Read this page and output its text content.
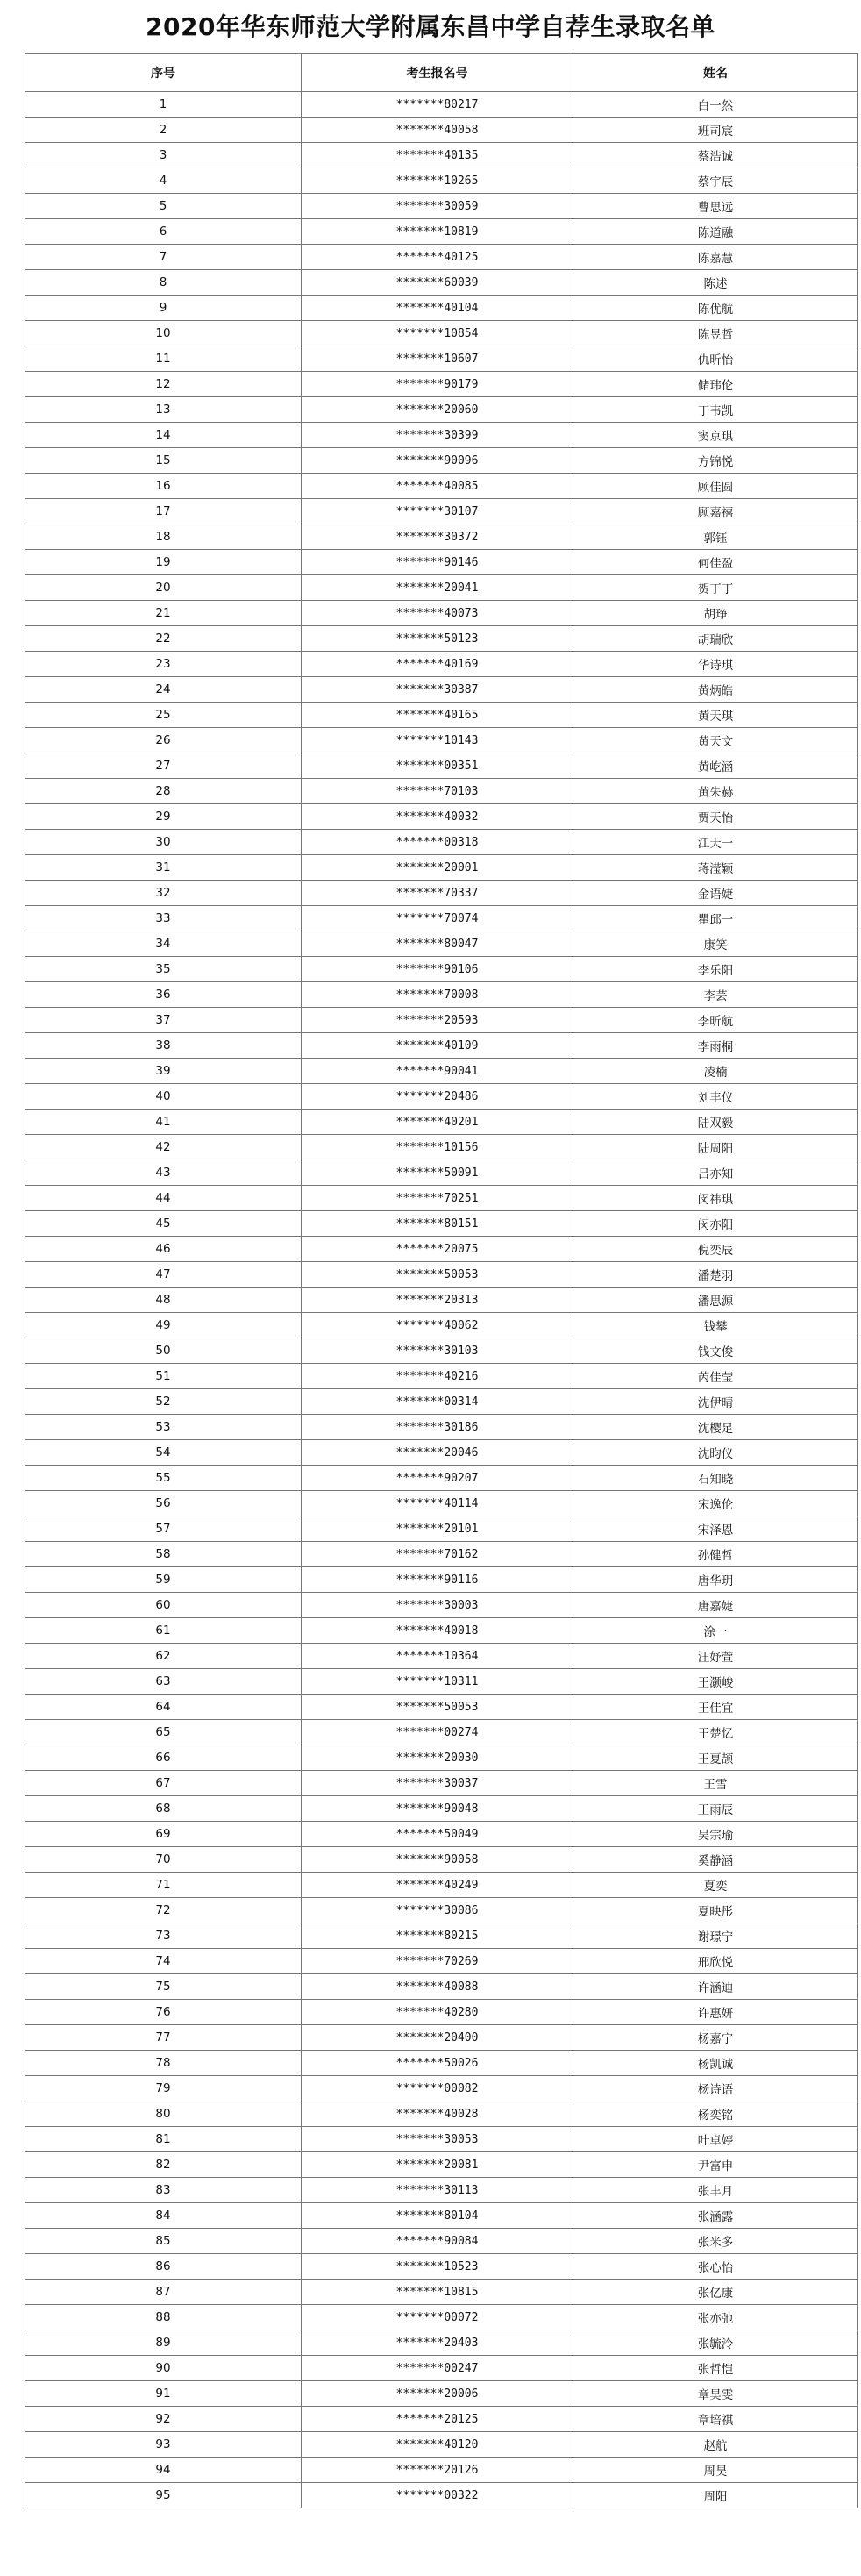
2020年华东师范大学附属东昌中学自荐生录取名单
序号	考生报名号	姓名
1	*******80217	白一然
2	*******40058	班司宸
3	*******40135	蔡浩诚
4	*******10265	蔡宇辰
5	*******30059	曹思远
6	*******10819	陈道融
7	*******40125	陈嘉慧
8	*******60039	陈述
9	*******40104	陈优航
10	*******10854	陈昱哲
11	*******10607	仇昕怡
12	*******90179	储玮伦
13	*******20060	丁韦凯
14	*******30399	窦京琪
15	*******90096	方锦悦
16	*******40085	顾佳圆
17	*******30107	顾嘉禧
18	*******30372	郭钰
19	*******90146	何佳盈
20	*******20041	贺丁丁
21	*******40073	胡琤
22	*******50123	胡瑞欣
23	*******40169	华诗琪
24	*******30387	黄炳皓
25	*******40165	黄天琪
26	*******10143	黄天文
27	*******00351	黄屹涵
28	*******70103	黄朱赫
29	*******40032	贾天怡
30	*******00318	江天一
31	*******20001	蒋滢颖
32	*******70337	金语婕
33	*******70074	瞿邱一
34	*******80047	康笑
35	*******90106	李乐阳
36	*******70008	李芸
37	*******20593	李昕航
38	*******40109	李雨桐
39	*******90041	凌楠
40	*******20486	刘丰仪
41	*******40201	陆双毅
42	*******10156	陆周阳
43	*******50091	吕亦知
44	*******70251	闵祎琪
45	*******80151	闵亦阳
46	*******20075	倪奕辰
47	*******50053	潘楚羽
48	*******20313	潘思源
49	*******40062	钱攀
50	*******30103	钱文俊
51	*******40216	芮佳莹
52	*******00314	沈伊晴
53	*******30186	沈樱足
54	*******20046	沈昀仪
55	*******90207	石知晓
56	*******40114	宋逸伦
57	*******20101	宋泽恩
58	*******70162	孙健哲
59	*******90116	唐华玥
60	*******30003	唐嘉婕
61	*******40018	涂一
62	*******10364	汪妤萱
63	*******10311	王灏峻
64	*******50053	王佳宜
65	*******00274	王楚忆
66	*******20030	王夏颉
67	*******30037	王雪
68	*******90048	王雨辰
69	*******50049	吴宗瑜
70	*******90058	奚静涵
71	*******40249	夏奕
72	*******30086	夏映彤
73	*******80215	谢璟宁
74	*******70269	邢欣悦
75	*******40088	许涵迪
76	*******40280	许惠妍
77	*******20400	杨嘉宁
78	*******50026	杨凯诚
79	*******00082	杨诗语
80	*******40028	杨奕铭
81	*******30053	叶卓婷
82	*******20081	尹富申
83	*******30113	张丰月
84	*******80104	张涵露
85	*******90084	张米多
86	*******10523	张心怡
87	*******10815	张亿康
88	*******00072	张亦弛
89	*******20403	张毓泠
90	*******00247	张哲恺
91	*******20006	章昊雯
92	*******20125	章培祺
93	*******40120	赵航
94	*******20126	周昊
95	*******00322	周阳
